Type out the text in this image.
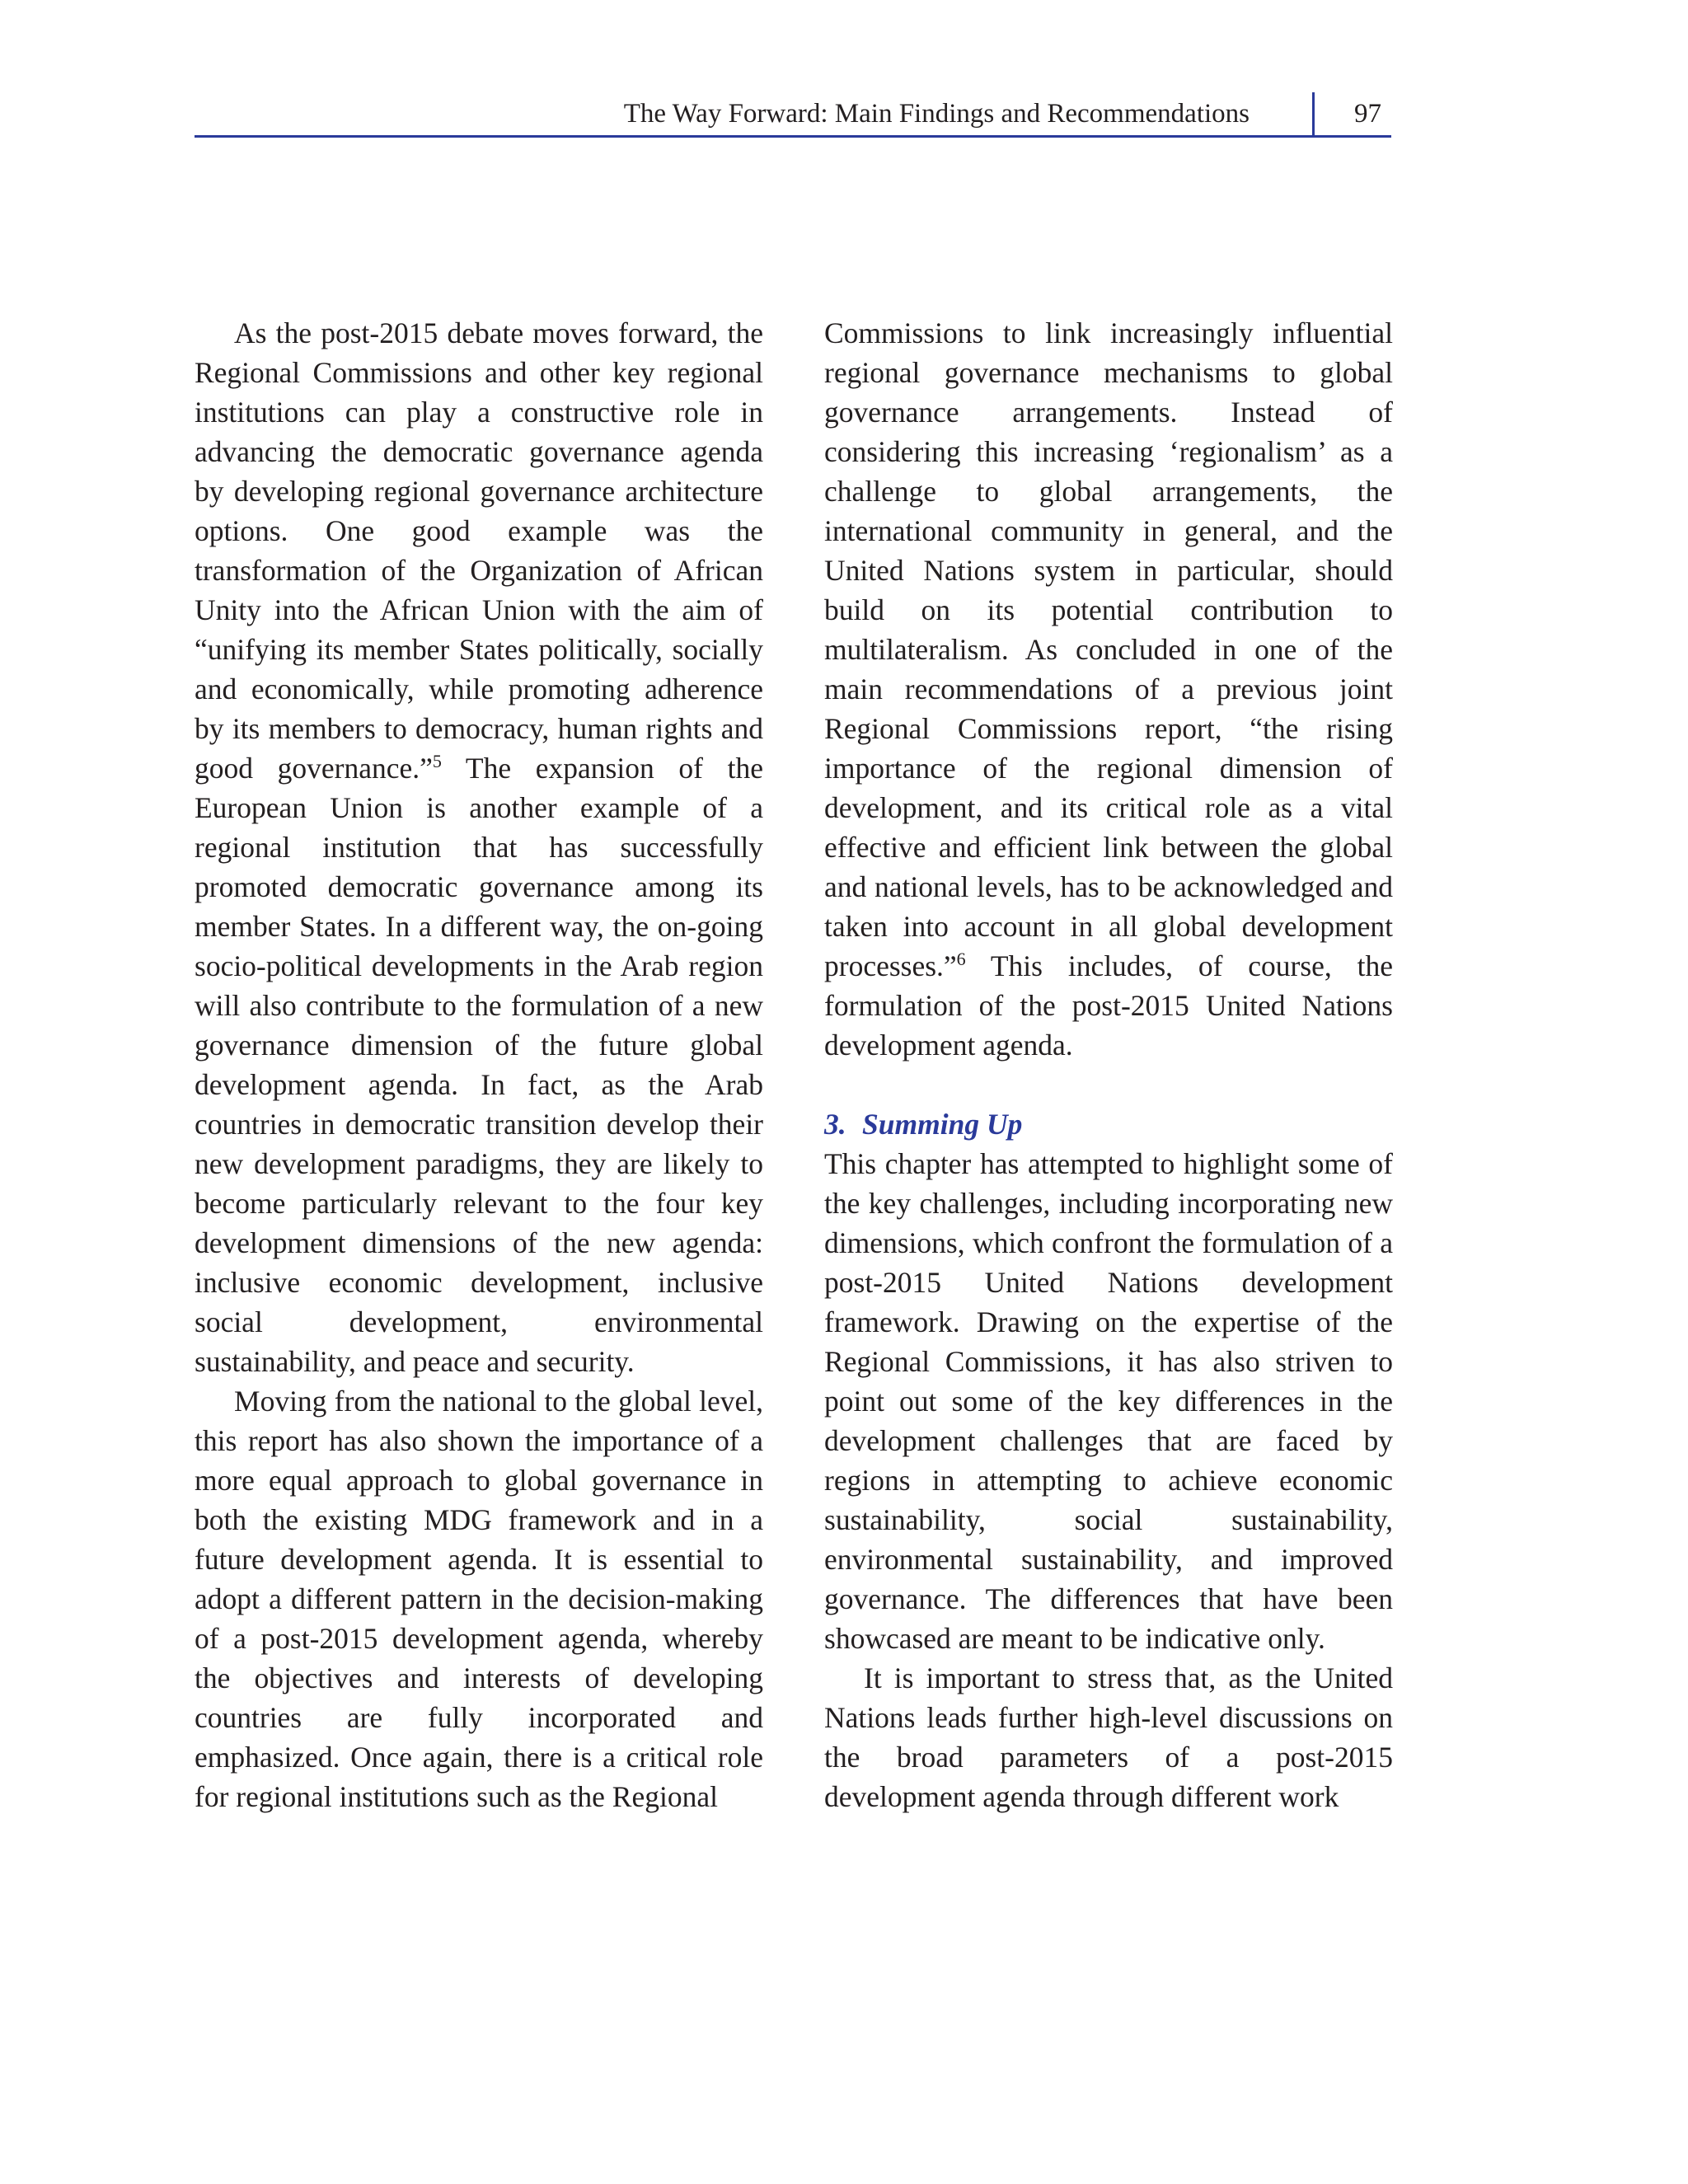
The Way Forward: Main Findings and Recommendations	97

As the post-2015 debate moves forward, the Regional Commissions and other key regional institutions can play a constructive role in advancing the democratic governance agenda by developing regional governance architecture options. One good example was the transformation of the Organization of African Unity into the African Union with the aim of “unifying its member States politically, socially and economically, while promoting adherence by its members to democracy, human rights and good governance.”$^5$ The expansion of the European Union is another example of a regional institution that has successfully promoted democratic governance among its member States. In a different way, the on-going socio-political developments in the Arab region will also contribute to the formulation of a new governance dimension of the future global development agenda. In fact, as the Arab countries in democratic transition develop their new development paradigms, they are likely to become particularly relevant to the four key development dimensions of the new agenda: inclusive economic development, inclusive social development, environmental sustainability, and peace and security.

Moving from the national to the global level, this report has also shown the importance of a more equal approach to global governance in both the existing MDG framework and in a future development agenda. It is essential to adopt a different pattern in the decision-making of a post-2015 development agenda, whereby the objectives and interests of developing countries are fully incorporated and emphasized. Once again, there is a critical role for regional institutions such as the Regional

Commissions to link increasingly influential regional governance mechanisms to global governance arrangements. Instead of considering this increasing ‘regionalism’ as a challenge to global arrangements, the international community in general, and the United Nations system in particular, should build on its potential contribution to multilateralism. As concluded in one of the main recommendations of a previous joint Regional Commissions report, “the rising importance of the regional dimension of development, and its critical role as a vital effective and efficient link between the global and national levels, has to be acknowledged and taken into account in all global development processes.”$^6$ This includes, of course, the formulation of the post-2015 United Nations development agenda.

3. Summing Up

This chapter has attempted to highlight some of the key challenges, including incorporating new dimensions, which confront the formulation of a post-2015 United Nations development framework. Drawing on the expertise of the Regional Commissions, it has also striven to point out some of the key differences in the development challenges that are faced by regions in attempting to achieve economic sustainability, social sustainability, environmental sustainability, and improved governance. The differences that have been showcased are meant to be indicative only.

It is important to stress that, as the United Nations leads further high-level discussions on the broad parameters of a post-2015 development agenda through different work
